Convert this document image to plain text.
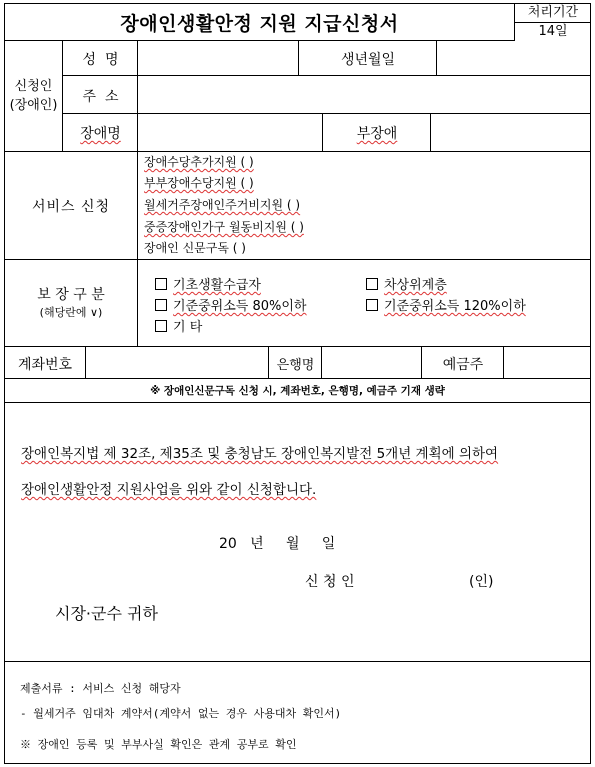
장애인생활안정 지원 지급신청서
처리기간
14일
신청인
(장애인)
성  명	생년월일
주  소
장애명	부장애
서비스 신청
장애수당추가지원 ( )
부부장애수당지원 ( )
월세거주장애인주거비지원 ( )
중증장애인가구 월동비지원 ( )
장애인 신문구독 ( )
보 장 구 분
(해당란에 ∨)
기초생활수급자	차상위계층
기준중위소득 80%이하	기준중위소득 120%이하
기 타
계좌번호	은행명	예금주
※ 장애인신문구독 신청 시, 계좌번호, 은행명, 예금주 기재 생략
장애인복지법 제 32조, 제35조 및 충청남도 장애인복지발전 5개년 계획에 의하여
장애인생활안정 지원사업을 위와 같이 신청합니다.
20   년     월     일
신 청 인	(인)
시장·군수 귀하
제출서류 : 서비스 신청 해당자
- 월세거주 임대차 계약서(계약서 없는 경우 사용대차 확인서)
※ 장애인 등록 및 부부사실 확인은 관계 공부로 확인
